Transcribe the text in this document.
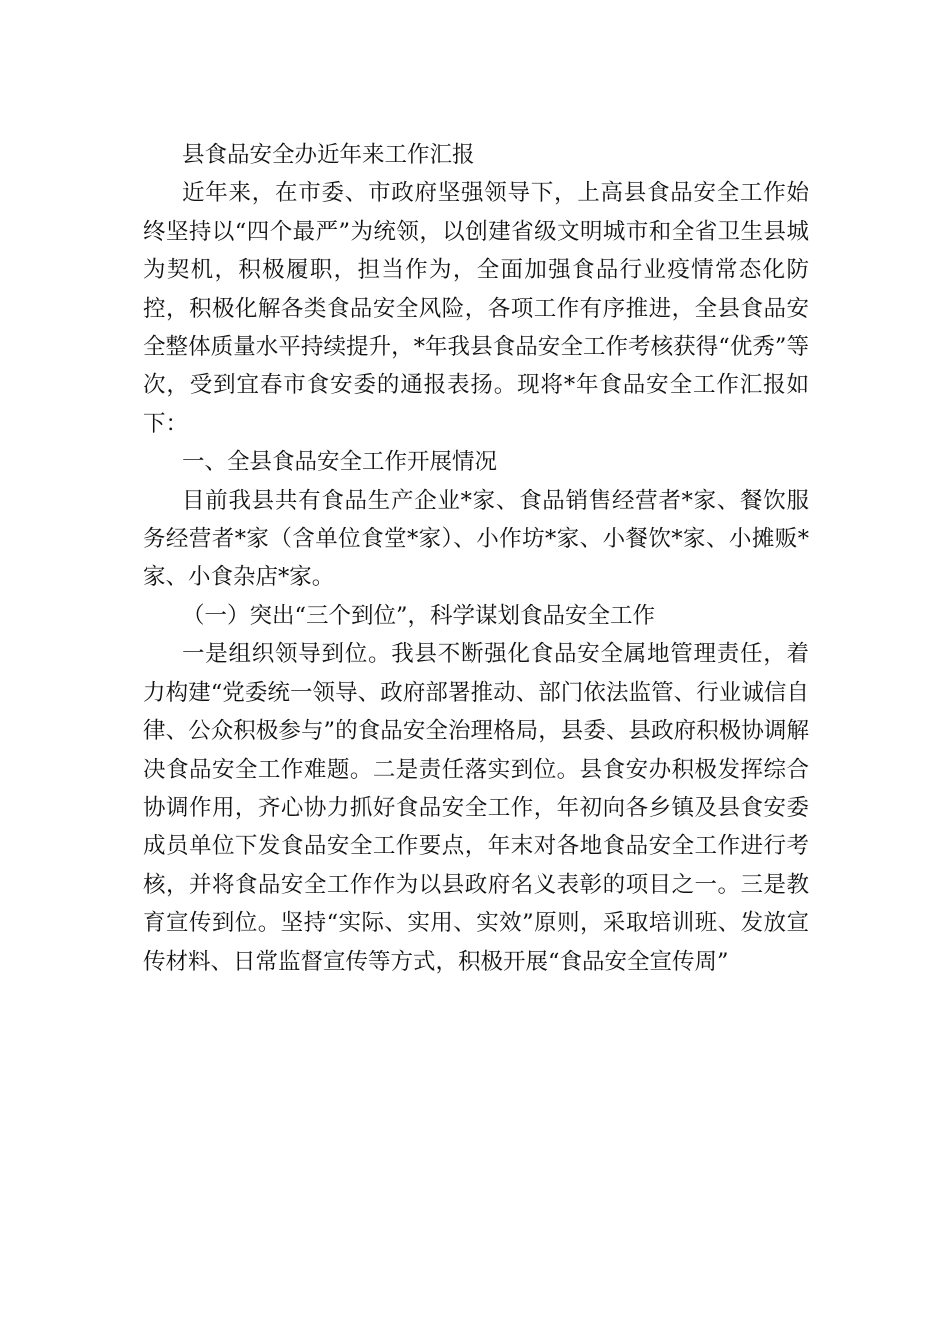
县食品安全办近年来工作汇报

近年来，在市委、市政府坚强领导下，上高县食品安全工作始终坚持以“四个最严”为统领，以创建省级文明城市和全省卫生县城为契机，积极履职，担当作为，全面加强食品行业疫情常态化防控，积极化解各类食品安全风险，各项工作有序推进，全县食品安全整体质量水平持续提升，*年我县食品安全工作考核获得“优秀”等次，受到宜春市食安委的通报表扬。现将*年食品安全工作汇报如下：

一、全县食品安全工作开展情况

目前我县共有食品生产企业*家、食品销售经营者*家、餐饮服务经营者*家（含单位食堂*家）、小作坊*家、小餐饮*家、小摊贩*家、小食杂店*家。

（一）突出“三个到位”，科学谋划食品安全工作

一是组织领导到位。我县不断强化食品安全属地管理责任，着力构建“党委统一领导、政府部署推动、部门依法监管、行业诚信自律、公众积极参与”的食品安全治理格局，县委、县政府积极协调解决食品安全工作难题。二是责任落实到位。县食安办积极发挥综合协调作用，齐心协力抓好食品安全工作，年初向各乡镇及县食安委成员单位下发食品安全工作要点，年末对各地食品安全工作进行考核，并将食品安全工作作为以县政府名义表彰的项目之一。三是教育宣传到位。坚持“实际、实用、实效”原则，采取培训班、发放宣传材料、日常监督宣传等方式，积极开展“食品安全宣传周”
